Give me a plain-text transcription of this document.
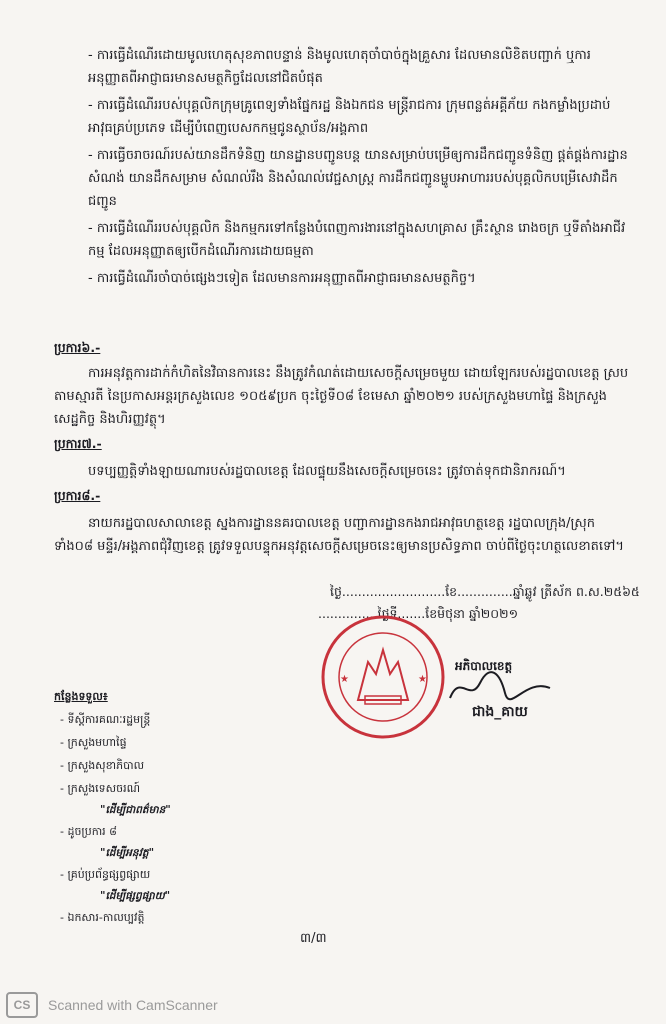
- ការធ្វើដំណើរដោយមូលហេតុសុខភាពបន្ទាន់ និងមូលហេតុចាំបាច់ក្នុងគ្រួសារ ដែលមានលិខិតបញ្ជាក់ ឬការអនុញ្ញាតពីអាជ្ញាធរមានសមត្ថកិច្ចដែលនៅជិតបំផុត
- ការធ្វើដំណើររបស់បុគ្គលិកក្រុមគ្រូពេទ្យទាំងផ្នែករដ្ឋ និងឯកជន មន្ត្រីរាជការ ក្រុមពន្លត់អគ្គីភ័យ កងកម្លាំងប្រដាប់អាវុធគ្រប់ប្រភេទ ដើម្បីបំពេញបេសកកម្មជូនស្ថាប័ន/អង្គភាព
- ការធ្វើចរាចរណ៍របស់យានដឹកទំនិញ យានដ្ឋានបញ្ជូនបន្ត យានសម្រាប់បម្រើឲ្យការដឹកជញ្ជូនទំនិញ ផ្គត់ផ្គង់ការដ្ឋានសំណង់ យានដឹកសម្រាម សំណល់រឹង និងសំណល់វេជ្ជសាស្ត្រ ការដឹកជញ្ជូនម្ហូបអាហាររបស់បុគ្គលិកបម្រើសេវាដឹកជញ្ជូន
- ការធ្វើដំណើររបស់បុគ្គលិក និងកម្មករទៅកន្លែងបំពេញការងារនៅក្នុងសហគ្រាស គ្រឹះស្ថាន រោងចក្រ ឬទីតាំងអាជីវកម្ម ដែលអនុញ្ញាតឲ្យបើកដំណើរការដោយធម្មតា
- ការធ្វើដំណើរចាំបាច់ផ្សេងៗទៀត ដែលមានការអនុញ្ញាតពីអាជ្ញាធរមានសមត្ថកិច្ច។
ប្រការ៦.-
ការអនុវត្តការដាក់កំហិតនៃវិធានការនេះ នឹងត្រូវកំណត់ដោយសេចក្តីសម្រេចមួយ ដោយឡែករបស់រដ្ឋបាលខេត្ត ស្របតាមស្មារតី នៃប្រកាសអន្តរក្រសួងលេខ ១០៥៩ប្រក ចុះថ្ងៃទី០៨ ខែមេសា ឆ្នាំ២០២១ របស់ក្រសួងមហាផ្ទៃ និងក្រសួងសេដ្ឋកិច្ច និងហិរញ្ញវត្ថុ។
ប្រការ៧.-
បទប្បញ្ញត្តិទាំងឡាយណារបស់រដ្ឋបាលខេត្ត ដែលផ្ទុយនឹងសេចក្តីសម្រេចនេះ ត្រូវចាត់ទុកជានិរាករណ៍។
ប្រការ៨.-
នាយករដ្ឋបាលសាលាខេត្ត ស្នងការដ្ឋាននគរបាលខេត្ត បញ្ជាការដ្ឋានកងរាជអាវុធហត្ថខេត្ត រដ្ឋបាលក្រុង/ស្រុកទាំង០៨ មន្ទីរ/អង្គភាពជុំវិញខេត្ត ត្រូវទទួលបន្ទុកអនុវត្តសេចក្តីសម្រេចនេះឲ្យមានប្រសិទ្ធភាព ចាប់ពីថ្ងៃចុះហត្ថលេខាតទៅ។
ថ្ងៃ..........................ខែ..............ឆ្នាំឆ្លូវ ត្រីស័ក ព.ស.២៥៦៥
...............ថ្ងៃទី.......ខែមិថុនា ឆ្នាំ២០២១
★	★
អភិបាលខេត្ត
ជាង_គាយ
កន្លែងទទួល៖
- ទីស្តីការគណៈរដ្ឋមន្ត្រី
- ក្រសួងមហាផ្ទៃ
- ក្រសួងសុខាភិបាល
- ក្រសួងទេសចរណ៍
"ដើម្បីជាពត៌មាន"
- ដូចប្រការ ៨
"ដើម្បីអនុវត្ត"
- គ្រប់ប្រព័ន្ធផ្សព្វផ្សាយ
"ដើម្បីផ្សព្វផ្សាយ"
- ឯកសារ-កាលប្បវត្តិ
៣/៣
CS	Scanned with CamScanner
